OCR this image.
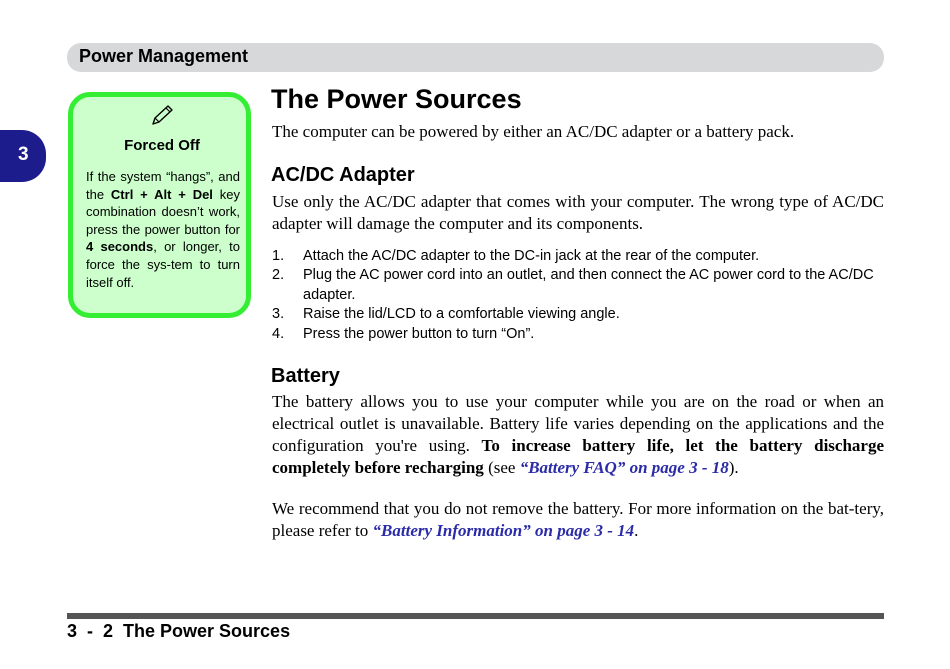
Power Management
3	Forced Off
If the system “hangs”, and the Ctrl + Alt + Del key combination doesn’t work, press the power button for 4 seconds, or longer, to force the sys-tem to turn itself off.
The Power Sources
The computer can be powered by either an AC/DC adapter or a battery pack.
AC/DC Adapter
Use only the AC/DC adapter that comes with your computer. The wrong type of AC/DC adapter will damage the computer and its components.
1. Attach the AC/DC adapter to the DC-in jack at the rear of the computer.
2. Plug the AC power cord into an outlet, and then connect the AC power cord to the AC/DC adapter.
3. Raise the lid/LCD to a comfortable viewing angle.
4. Press the power button to turn “On”.
Battery
The battery allows you to use your computer while you are on the road or when an electrical outlet is unavailable. Battery life varies depending on the applications and the configuration you're using. To increase battery life, let the battery discharge completely before recharging (see “Battery FAQ” on page 3 - 18).
We recommend that you do not remove the battery. For more information on the bat-tery, please refer to “Battery Information” on page 3 - 14.
3  -  2  The Power Sources
